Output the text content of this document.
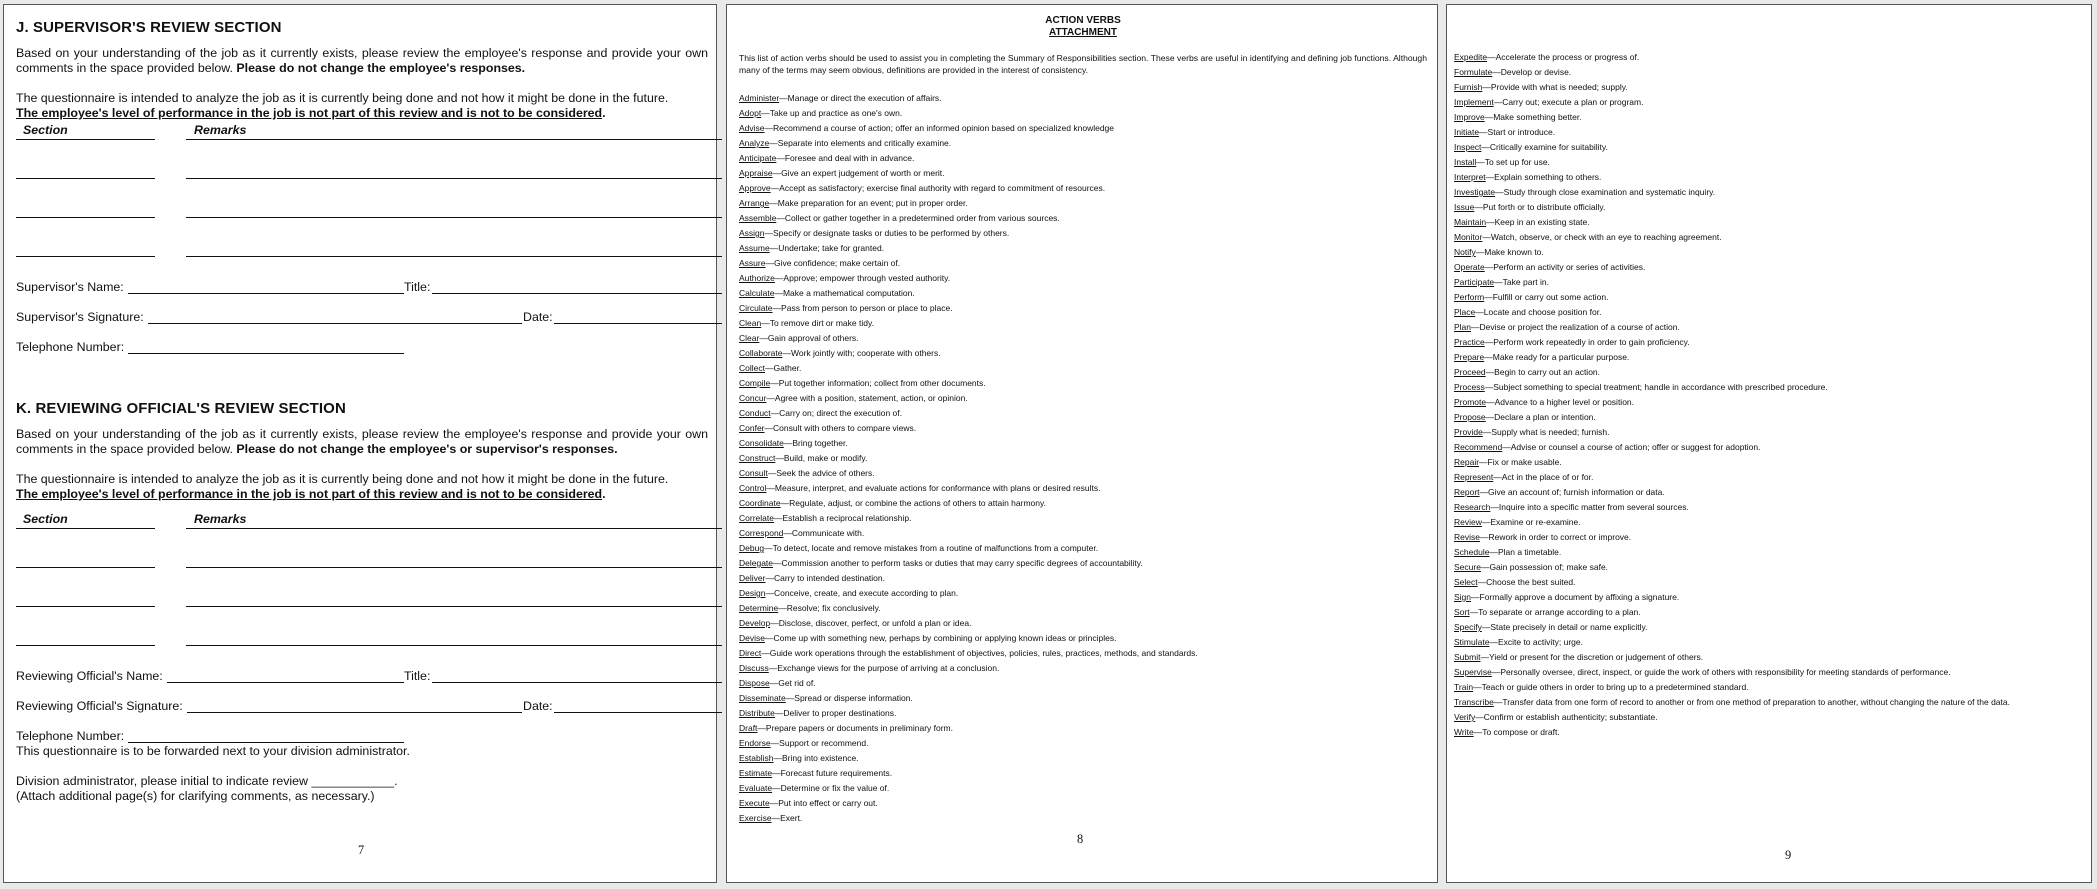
J. SUPERVISOR'S REVIEW SECTION

Based on your understanding of the job as it currently exists, please review the employee's response and provide your own comments in the space provided below. Please do not change the employee's responses.

The questionnaire is intended to analyze the job as it is currently being done and not how it might be done in the future.
The employee's level of performance in the job is not part of this review and is not to be considered.

Section	Remarks
Supervisor's Name:	Title:
Supervisor's Signature:	Date:
Telephone Number:

K. REVIEWING OFFICIAL'S REVIEW SECTION

Based on your understanding of the job as it currently exists, please review the employee's response and provide your own comments in the space provided below. Please do not change the employee's or supervisor's responses.

The questionnaire is intended to analyze the job as it is currently being done and not how it might be done in the future.
The employee's level of performance in the job is not part of this review and is not to be considered.

Section	Remarks
Reviewing Official's Name:	Title:
Reviewing Official's Signature:	Date:
Telephone Number:

This questionnaire is to be forwarded next to your division administrator.

Division administrator, please initial to indicate review ____________.

(Attach additional page(s) for clarifying comments, as necessary.)

7
ACTION VERBS
ATTACHMENT
This list of action verbs should be used to assist you in completing the Summary of Responsibilities section. These verbs are useful in identifying and defining job functions. Although many of the terms may seem obvious, definitions are provided in the interest of consistency.
Administer—Manage or direct the execution of affairs.
Adopt—Take up and practice as one's own.
Advise—Recommend a course of action; offer an informed opinion based on specialized knowledge
Analyze—Separate into elements and critically examine.
Anticipate—Foresee and deal with in advance.
Appraise—Give an expert judgement of worth or merit.
Approve—Accept as satisfactory; exercise final authority with regard to commitment of resources.
Arrange—Make preparation for an event; put in proper order.
Assemble—Collect or gather together in a predetermined order from various sources.
Assign—Specify or designate tasks or duties to be performed by others.
Assume—Undertake; take for granted.
Assure—Give confidence; make certain of.
Authorize—Approve; empower through vested authority.
Calculate—Make a mathematical computation.
Circulate—Pass from person to person or place to place.
Clean—To remove dirt or make tidy.
Clear—Gain approval of others.
Collaborate—Work jointly with; cooperate with others.
Collect—Gather.
Compile—Put together information; collect from other documents.
Concur—Agree with a position, statement, action, or opinion.
Conduct—Carry on; direct the execution of.
Confer—Consult with others to compare views.
Consolidate—Bring together.
Construct—Build, make or modify.
Consult—Seek the advice of others.
Control—Measure, interpret, and evaluate actions for conformance with plans or desired results.
Coordinate—Regulate, adjust, or combine the actions of others to attain harmony.
Correlate—Establish a reciprocal relationship.
Correspond—Communicate with.
Debug—To detect, locate and remove mistakes from a routine of malfunctions from a computer.
Delegate—Commission another to perform tasks or duties that may carry specific degrees of accountability.
Deliver—Carry to intended destination.
Design—Conceive, create, and execute according to plan.
Determine—Resolve; fix conclusively.
Develop—Disclose, discover, perfect, or unfold a plan or idea.
Devise—Come up with something new, perhaps by combining or applying known ideas or principles.
Direct—Guide work operations through the establishment of objectives, policies, rules, practices, methods, and standards.
Discuss—Exchange views for the purpose of arriving at a conclusion.
Dispose—Get rid of.
Disseminate—Spread or disperse information.
Distribute—Deliver to proper destinations.
Draft—Prepare papers or documents in preliminary form.
Endorse—Support or recommend.
Establish—Bring into existence.
Estimate—Forecast future requirements.
Evaluate—Determine or fix the value of.
Execute—Put into effect or carry out.
Exercise—Exert.
8
Expedite—Accelerate the process or progress of.
Formulate—Develop or devise.
Furnish—Provide with what is needed; supply.
Implement—Carry out; execute a plan or program.
Improve—Make something better.
Initiate—Start or introduce.
Inspect—Critically examine for suitability.
Install—To set up for use.
Interpret—Explain something to others.
Investigate—Study through close examination and systematic inquiry.
Issue—Put forth or to distribute officially.
Maintain—Keep in an existing state.
Monitor—Watch, observe, or check with an eye to reaching agreement.
Notify—Make known to.
Operate—Perform an activity or series of activities.
Participate—Take part in.
Perform—Fulfill or carry out some action.
Place—Locate and choose position for.
Plan—Devise or project the realization of a course of action.
Practice—Perform work repeatedly in order to gain proficiency.
Prepare—Make ready for a particular purpose.
Proceed—Begin to carry out an action.
Process—Subject something to special treatment; handle in accordance with prescribed procedure.
Promote—Advance to a higher level or position.
Propose—Declare a plan or intention.
Provide—Supply what is needed; furnish.
Recommend—Advise or counsel a course of action; offer or suggest for adoption.
Repair—Fix or make usable.
Represent—Act in the place of or for.
Report—Give an account of; furnish information or data.
Research—Inquire into a specific matter from several sources.
Review—Examine or re-examine.
Revise—Rework in order to correct or improve.
Schedule—Plan a timetable.
Secure—Gain possession of; make safe.
Select—Choose the best suited.
Sign—Formally approve a document by affixing a signature.
Sort—To separate or arrange according to a plan.
Specify—State precisely in detail or name explicitly.
Stimulate—Excite to activity; urge.
Submit—Yield or present for the discretion or judgement of others.
Supervise—Personally oversee, direct, inspect, or guide the work of others with responsibility for meeting standards of performance.
Train—Teach or guide others in order to bring up to a predetermined standard.
Transcribe—Transfer data from one form of record to another or from one method of preparation to another, without changing the nature of the data.
Verify—Confirm or establish authenticity; substantiate.
Write—To compose or draft.
9
